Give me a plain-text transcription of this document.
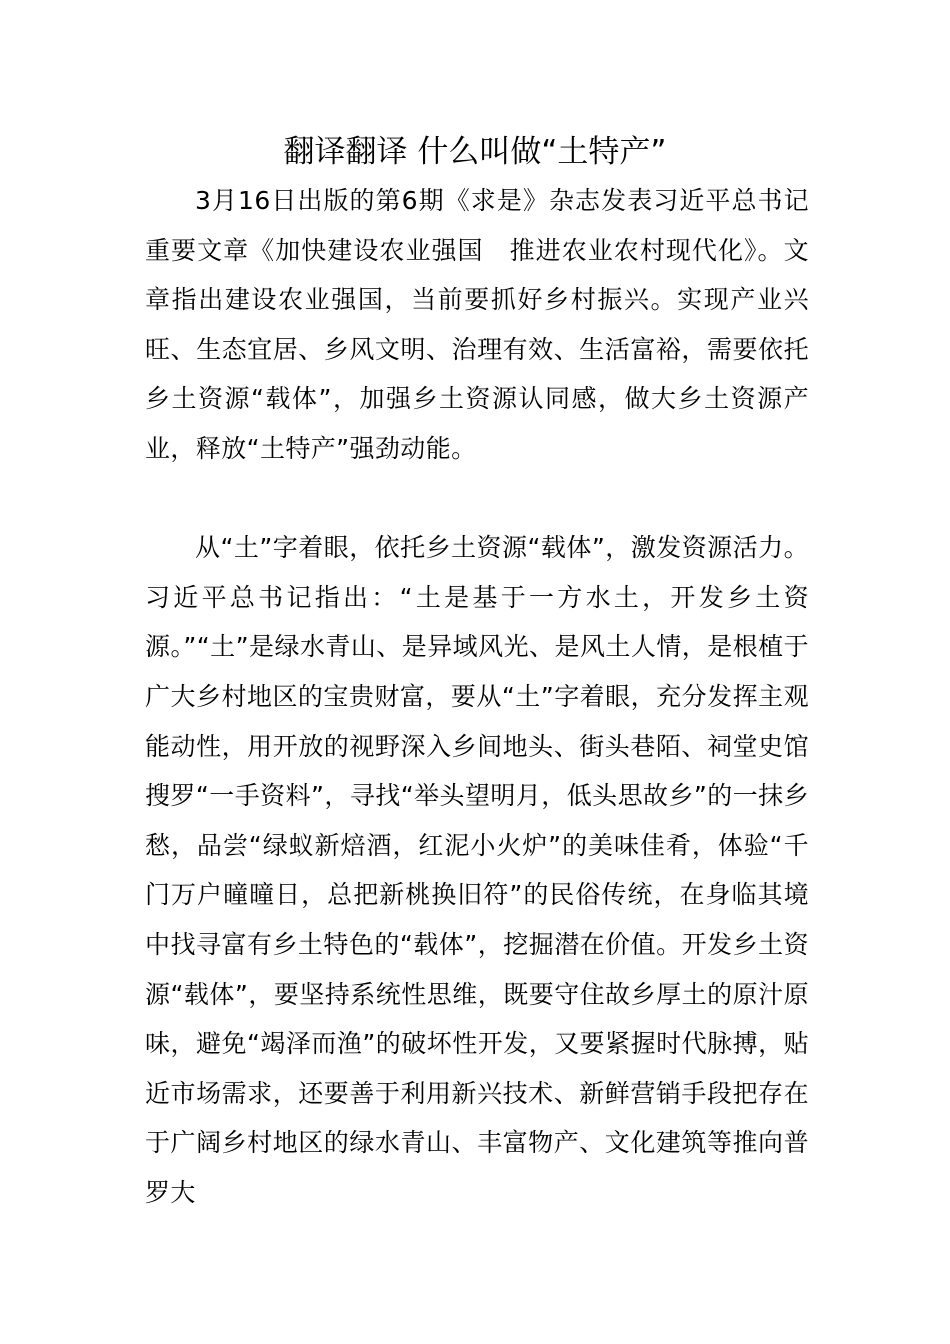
翻译翻译 什么叫做“土特产”

3月16日出版的第6期《求是》杂志发表习近平总书记重要文章《加快建设农业强国　推进农业农村现代化》。文章指出建设农业强国，当前要抓好乡村振兴。实现产业兴旺、生态宜居、乡风文明、治理有效、生活富裕，需要依托乡土资源“载体”，加强乡土资源认同感，做大乡土资源产业，释放“土特产”强劲动能。

从“土”字着眼，依托乡土资源“载体”，激发资源活力。习近平总书记指出：“土是基于一方水土，开发乡土资源。”“土”是绿水青山、是异域风光、是风土人情，是根植于广大乡村地区的宝贵财富，要从“土”字着眼，充分发挥主观能动性，用开放的视野深入乡间地头、街头巷陌、祠堂史馆搜罗“一手资料”，寻找“举头望明月，低头思故乡”的一抹乡愁，品尝“绿蚁新焙酒，红泥小火炉”的美味佳肴，体验“千门万户曈曈日，总把新桃换旧符”的民俗传统，在身临其境中找寻富有乡土特色的“载体”，挖掘潜在价值。开发乡土资源“载体”，要坚持系统性思维，既要守住故乡厚土的原汁原味，避免“竭泽而渔”的破坏性开发，又要紧握时代脉搏，贴近市场需求，还要善于利用新兴技术、新鲜营销手段把存在于广阔乡村地区的绿水青山、丰富物产、文化建筑等推向普罗大
